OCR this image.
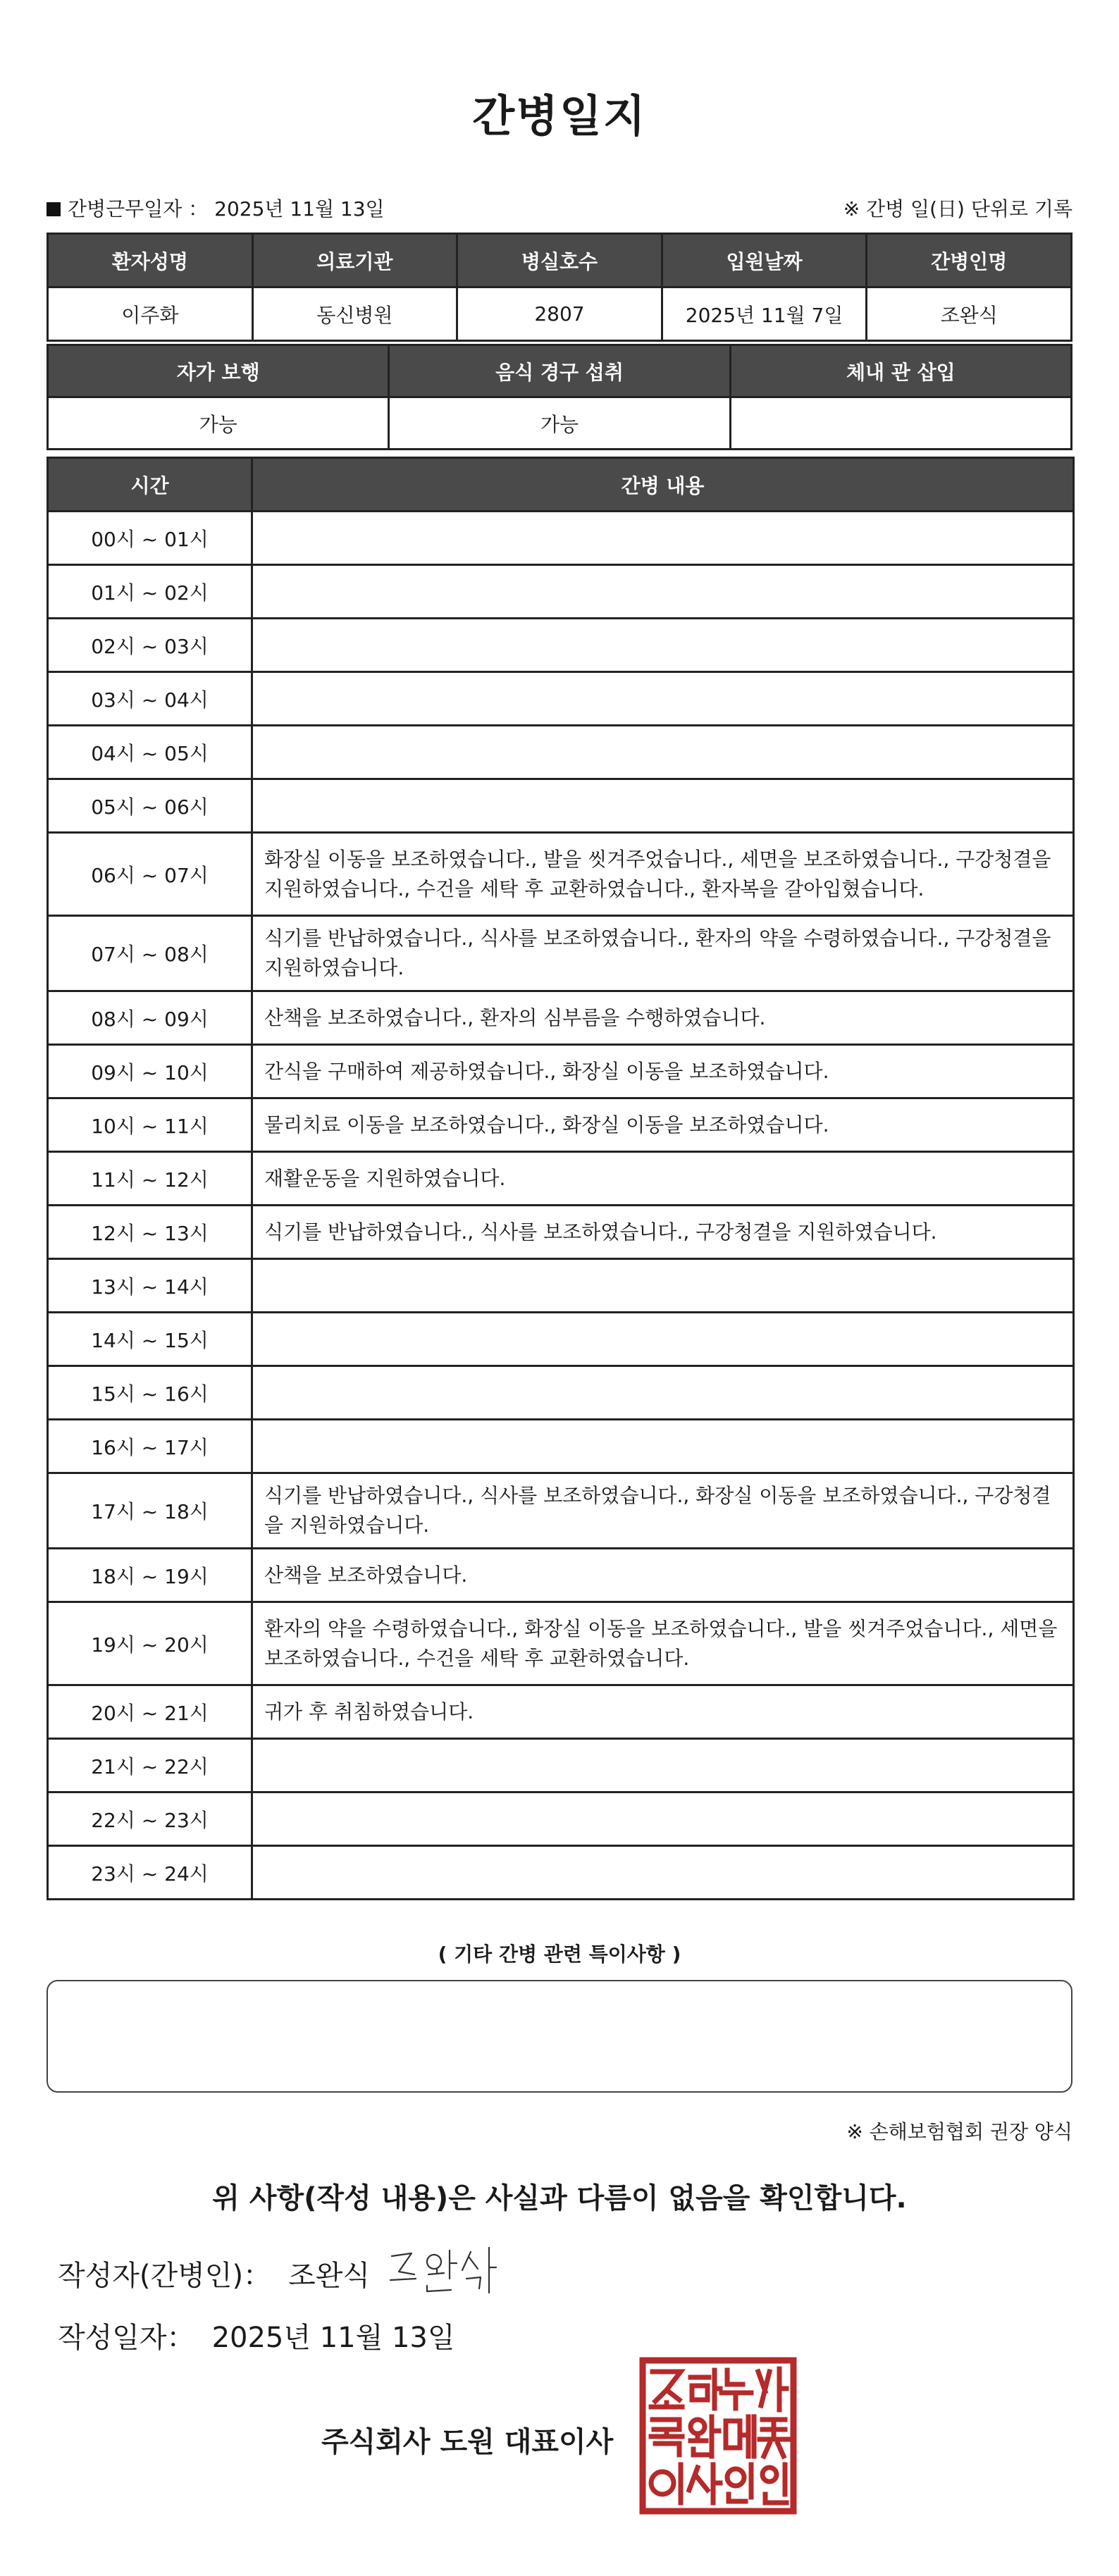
간병일지
간병근무일자 ： 2025년 11월 13일	※ 간병 일(日) 단위로 기록
환자성명	의료기관	병실호수	입원날짜	간병인명
이주화	동신병원	2807	2025년 11월 7일	조완식
자가 보행	음식 경구 섭취	체내 관 삽입
가능	가능	
시간	간병 내용
00시 ~ 01시	
01시 ~ 02시	
02시 ~ 03시	
03시 ~ 04시	
04시 ~ 05시	
05시 ~ 06시	
06시 ~ 07시	화장실 이동을 보조하였습니다., 발을 씻겨주었습니다., 세면을 보조하였습니다., 구강청결을 지원하였습니다., 수건을 세탁 후 교환하였습니다., 환자복을 갈아입혔습니다.
07시 ~ 08시	식기를 반납하였습니다., 식사를 보조하였습니다., 환자의 약을 수령하였습니다., 구강청결을 지원하였습니다.
08시 ~ 09시	산책을 보조하였습니다., 환자의 심부름을 수행하였습니다.
09시 ~ 10시	간식을 구매하여 제공하였습니다., 화장실 이동을 보조하였습니다.
10시 ~ 11시	물리치료 이동을 보조하였습니다., 화장실 이동을 보조하였습니다.
11시 ~ 12시	재활운동을 지원하였습니다.
12시 ~ 13시	식기를 반납하였습니다., 식사를 보조하였습니다., 구강청결을 지원하였습니다.
13시 ~ 14시	
14시 ~ 15시	
15시 ~ 16시	
16시 ~ 17시	
17시 ~ 18시	식기를 반납하였습니다., 식사를 보조하였습니다., 화장실 이동을 보조하였습니다., 구강청결을 지원하였습니다.
18시 ~ 19시	산책을 보조하였습니다.
19시 ~ 20시	환자의 약을 수령하였습니다., 화장실 이동을 보조하였습니다., 발을 씻겨주었습니다., 세면을 보조하였습니다., 수건을 세탁 후 교환하였습니다.
20시 ~ 21시	귀가 후 취침하였습니다.
21시 ~ 22시	
22시 ~ 23시	
23시 ~ 24시	
( 기타 간병 관련 특이사항 )
※ 손해보험협회 권장 양식
위 사항(작성 내용)은 사실과 다름이 없음을 확인합니다.
작성자(간병인)： 조완식
작성일자： 2025년 11월 13일
주식회사 도원 대표이사
